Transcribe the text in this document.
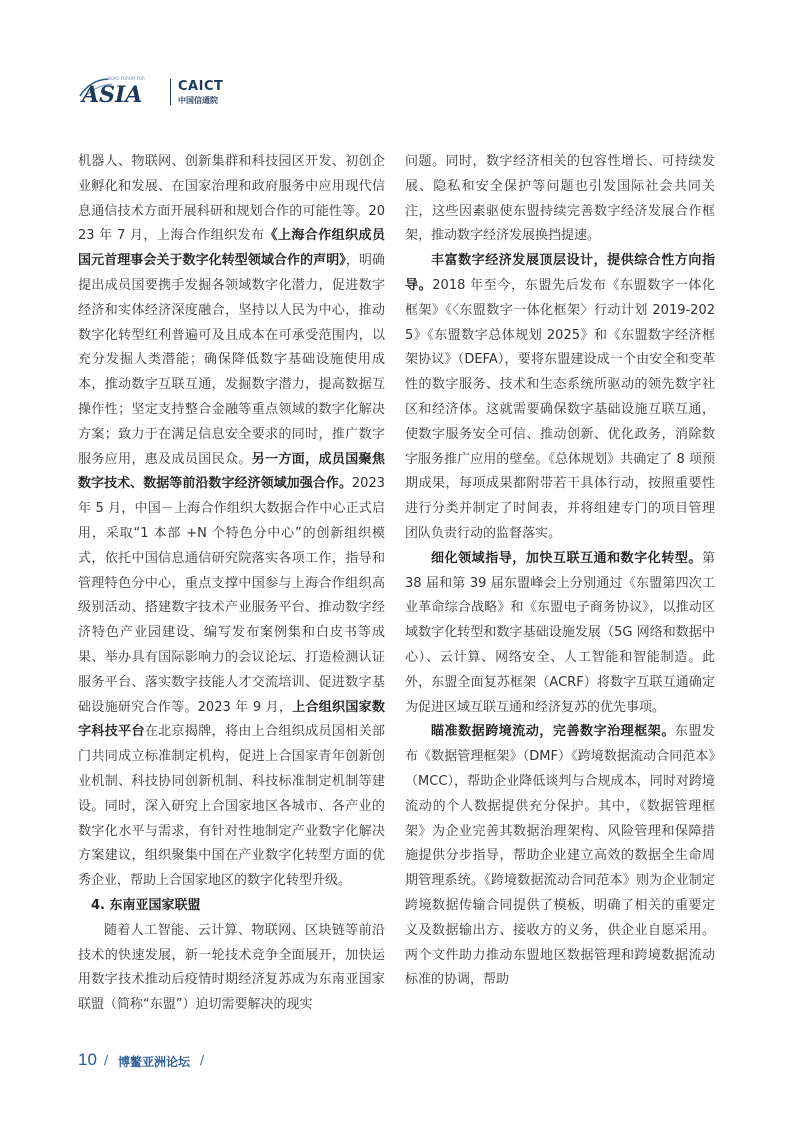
BOAO FORUM FOR
ASIA	CAICT
中国信通院

机器人、物联网、创新集群和科技园区开发、初创企业孵化和发展、在国家治理和政府服务中应用现代信息通信技术方面开展科研和规划合作的可能性等。2023 年 7 月，上海合作组织发布《上海合作组织成员国元首理事会关于数字化转型领域合作的声明》，明确提出成员国要携手发掘各领域数字化潜力，促进数字经济和实体经济深度融合，坚持以人民为中心，推动数字化转型红利普遍可及且成本在可承受范围内，以充分发掘人类潜能；确保降低数字基础设施使用成本，推动数字互联互通，发掘数字潜力，提高数据互操作性；坚定支持整合金融等重点领域的数字化解决方案；致力于在满足信息安全要求的同时，推广数字服务应用，惠及成员国民众。另一方面，成员国聚焦数字技术、数据等前沿数字经济领域加强合作。2023 年 5 月，中国－上海合作组织大数据合作中心正式启用，采取“1 本部 +N 个特色分中心”的创新组织模式，依托中国信息通信研究院落实各项工作，指导和管理特色分中心，重点支撑中国参与上海合作组织高级别活动、搭建数字技术产业服务平台、推动数字经济特色产业园建设、编写发布案例集和白皮书等成果、举办具有国际影响力的会议论坛、打造检测认证服务平台、落实数字技能人才交流培训、促进数字基础设施研究合作等。2023 年 9 月，上合组织国家数字科技平台在北京揭牌，将由上合组织成员国相关部门共同成立标准制定机构，促进上合国家青年创新创业机制、科技协同创新机制、科技标准制定机制等建设。同时，深入研究上合国家地区各城市、各产业的数字化水平与需求，有针对性地制定产业数字化解决方案建议，组织聚集中国在产业数字化转型方面的优秀企业，帮助上合国家地区的数字化转型升级。

4. 东南亚国家联盟

随着人工智能、云计算、物联网、区块链等前沿技术的快速发展，新一轮技术竞争全面展开，加快运用数字技术推动后疫情时期经济复苏成为东南亚国家联盟（简称“东盟”）迫切需要解决的现实

问题。同时，数字经济相关的包容性增长、可持续发展、隐私和安全保护等问题也引发国际社会共同关注，这些因素驱使东盟持续完善数字经济发展合作框架，推动数字经济发展换挡提速。

丰富数字经济发展顶层设计，提供综合性方向指导。2018 年至今，东盟先后发布《东盟数字一体化框架》《〈东盟数字一体化框架〉行动计划 2019-2025》《东盟数字总体规划 2025》和《东盟数字经济框架协议》（DEFA），要将东盟建设成一个由安全和变革性的数字服务、技术和生态系统所驱动的领先数字社区和经济体。这就需要确保数字基础设施互联互通，使数字服务安全可信、推动创新、优化政务，消除数字服务推广应用的壁垒。《总体规划》共确定了 8 项预期成果，每项成果都附带若干具体行动，按照重要性进行分类并制定了时间表，并将组建专门的项目管理团队负责行动的监督落实。

细化领域指导，加快互联互通和数字化转型。第 38 届和第 39 届东盟峰会上分别通过《东盟第四次工业革命综合战略》和《东盟电子商务协议》，以推动区域数字化转型和数字基础设施发展（5G 网络和数据中心）、云计算、网络安全、人工智能和智能制造。此外，东盟全面复苏框架（ACRF）将数字互联互通确定为促进区域互联互通和经济复苏的优先事项。

瞄准数据跨境流动，完善数字治理框架。东盟发布《数据管理框架》（DMF）《跨境数据流动合同范本》（MCC），帮助企业降低谈判与合规成本，同时对跨境流动的个人数据提供充分保护。其中，《数据管理框架》为企业完善其数据治理架构、风险管理和保障措施提供分步指导，帮助企业建立高效的数据全生命周期管理系统。《跨境数据流动合同范本》则为企业制定跨境数据传输合同提供了模板，明确了相关的重要定义及数据输出方、接收方的义务，供企业自愿采用。两个文件助力推动东盟地区数据管理和跨境数据流动标准的协调，帮助

10 / 博鳌亚洲论坛 /
